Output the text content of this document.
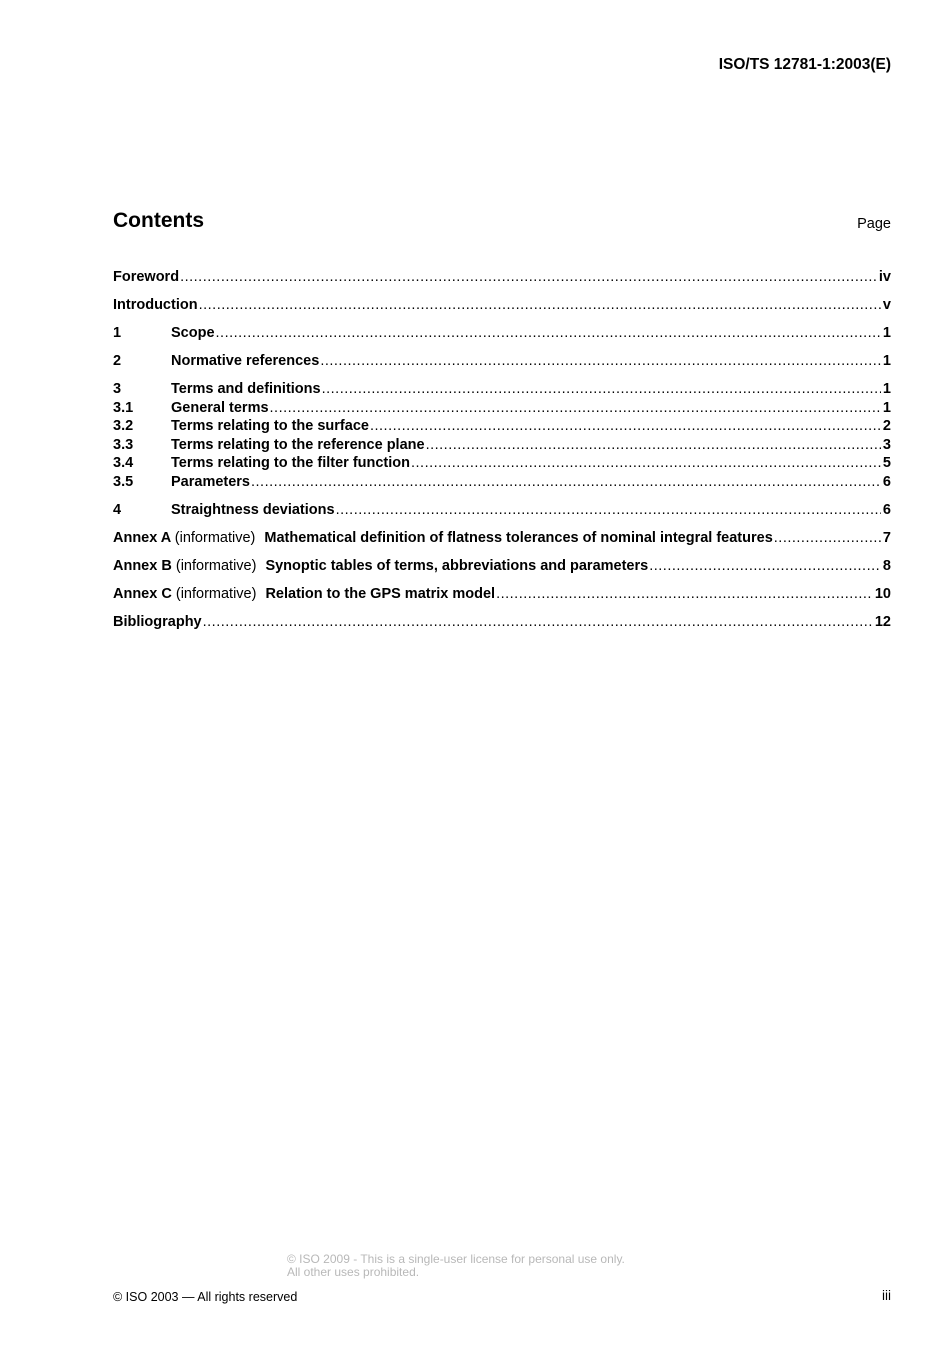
ISO/TS 12781-1:2003(E)
Contents	Page
Foreword .....	iv
Introduction .....	v
1	Scope .....	1
2	Normative references .....	1
3	Terms and definitions .....	1
3.1	General terms .....	1
3.2	Terms relating to the surface .....	2
3.3	Terms relating to the reference plane .....	3
3.4	Terms relating to the filter function .....	5
3.5	Parameters .....	6
4	Straightness deviations .....	6
Annex A (informative) Mathematical definition of flatness tolerances of nominal integral features .....	7
Annex B (informative) Synoptic tables of terms, abbreviations and parameters .....	8
Annex C (informative) Relation to the GPS matrix model .....	10
Bibliography .....	12
© ISO 2009 - This is a single-user license for personal use only.
All other uses prohibited.
© ISO 2003 — All rights reserved	iii
